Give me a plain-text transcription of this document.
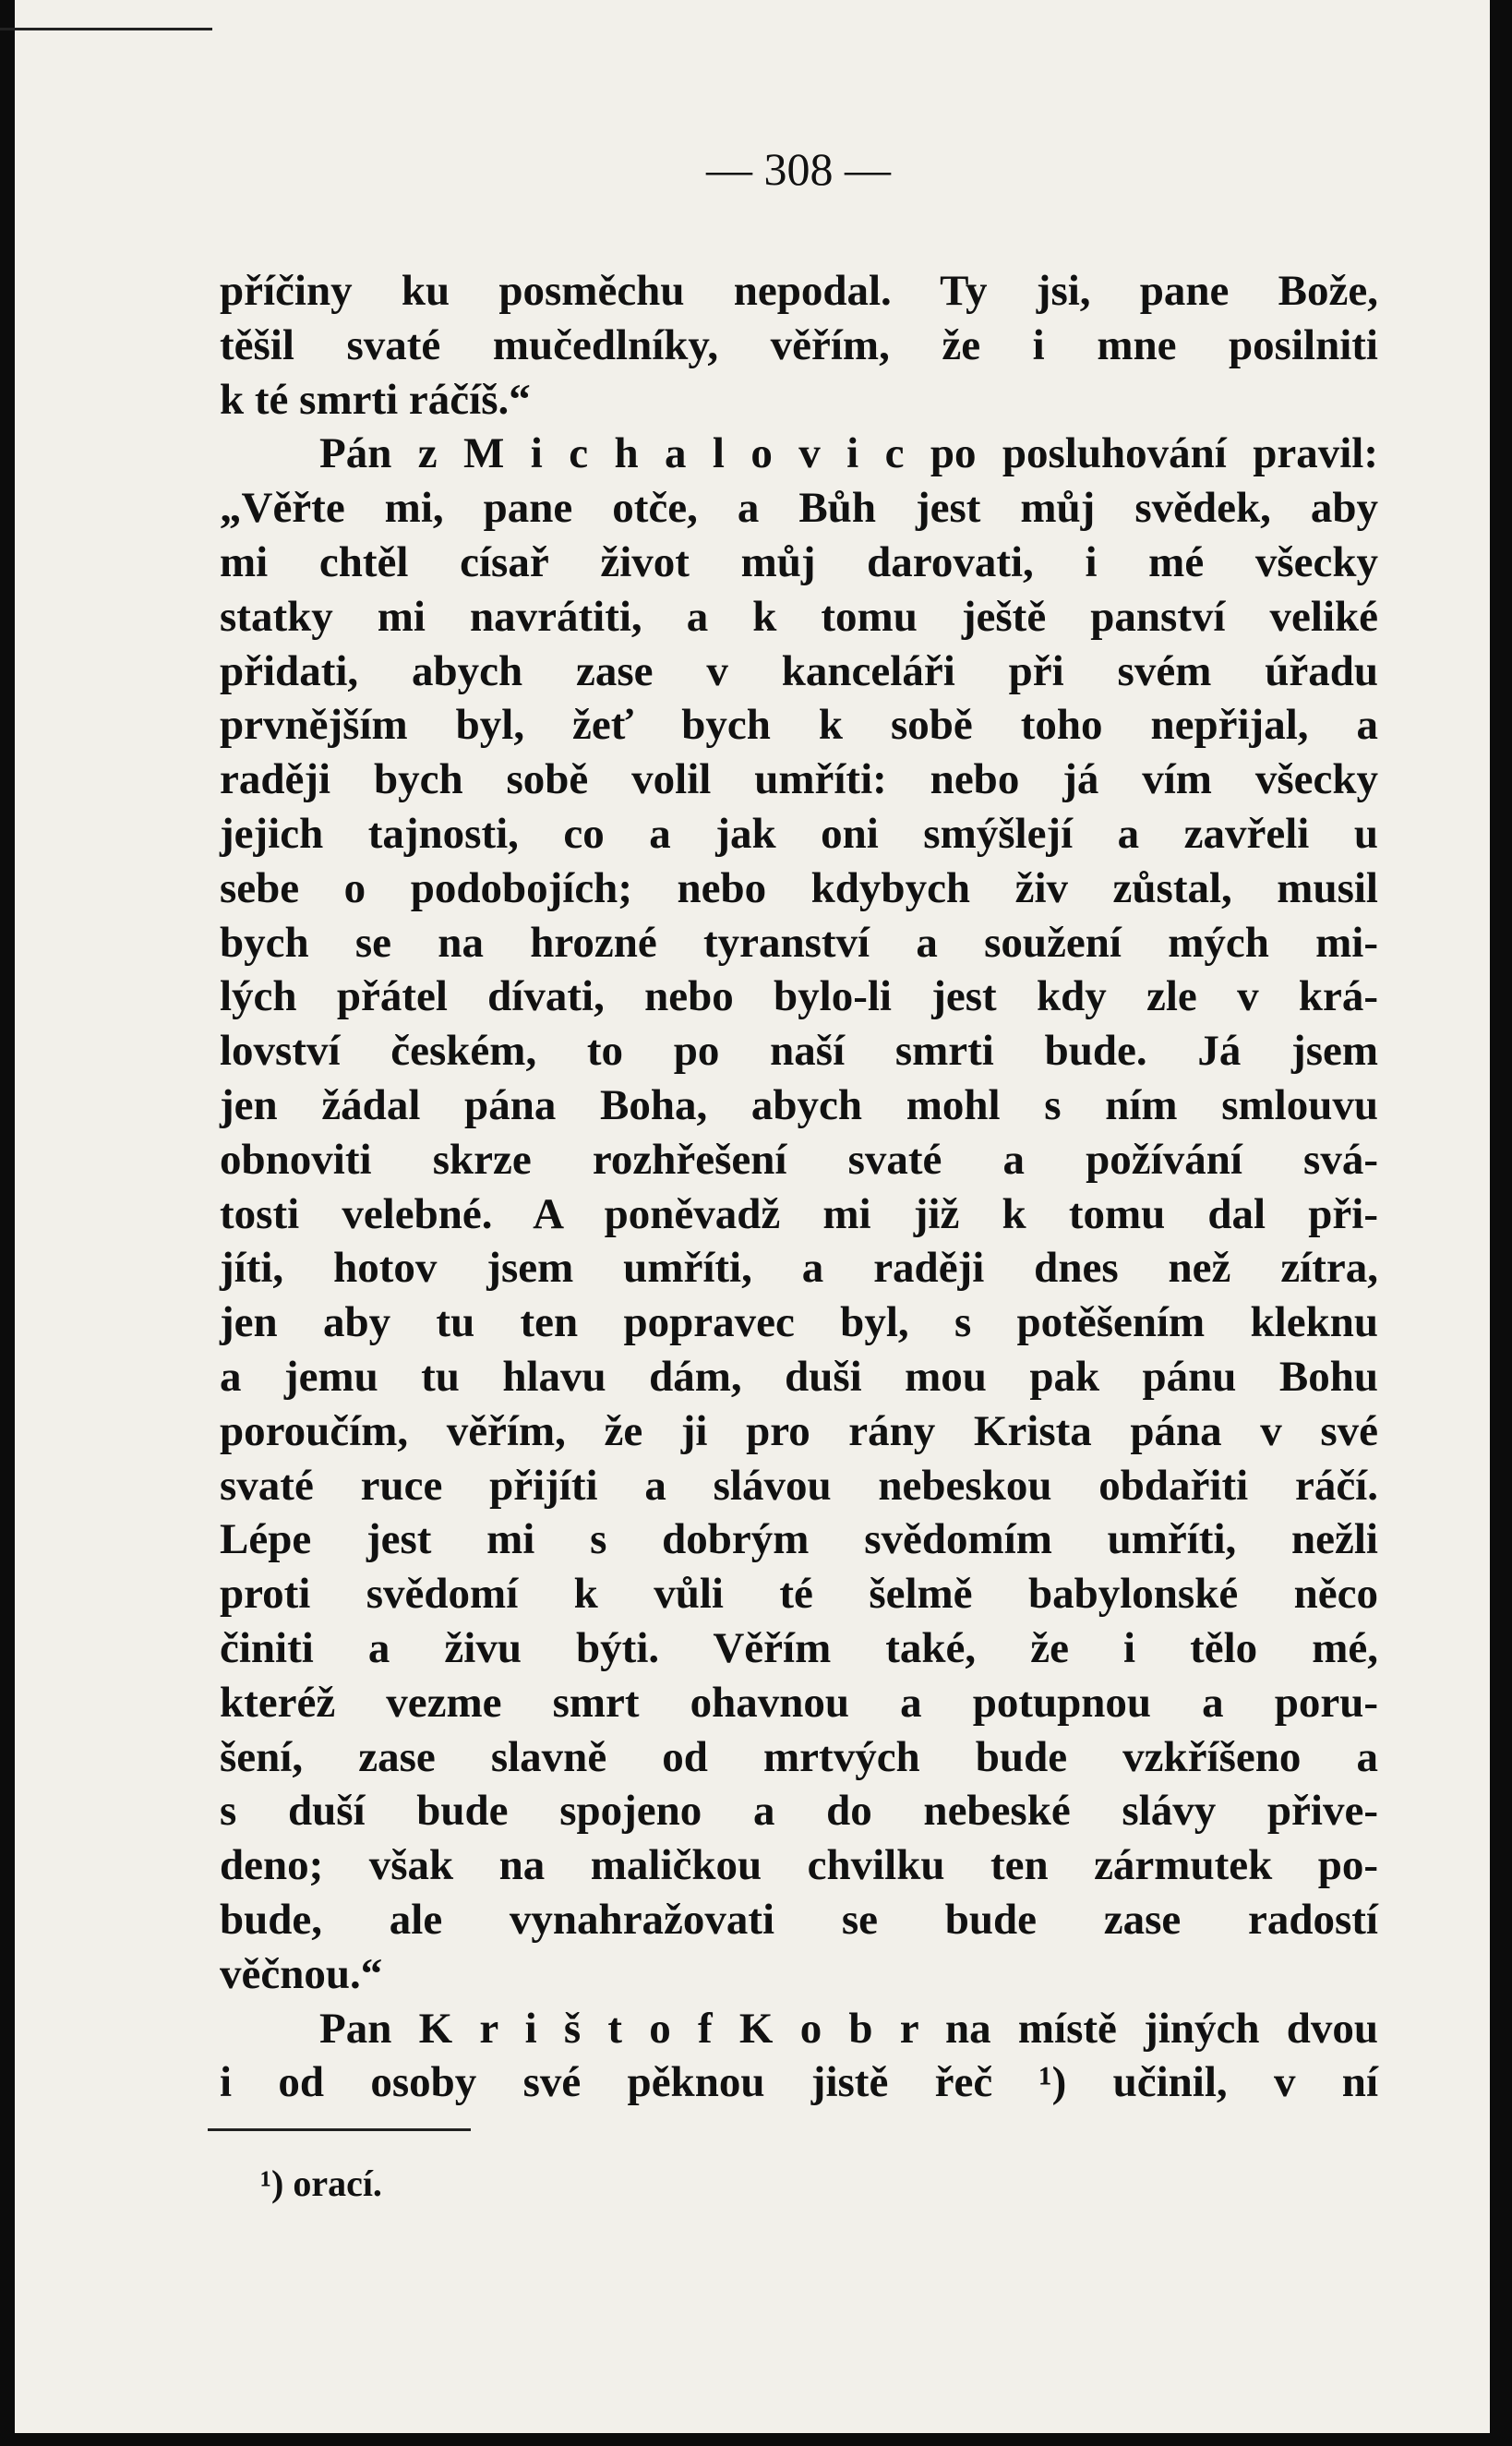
— 308 —
příčiny ku posměchu nepodal. Ty jsi, pane Bože,
těšil svaté mučedlníky, věřím, že i mne posilniti
k té smrti ráčíš.“
Pán z M i c h a l o v i c po posluhování pravil:
„Věřte mi, pane otče, a Bůh jest můj svědek, aby
mi chtěl císař život můj darovati, i mé všecky
statky mi navrátiti, a k tomu ještě panství veliké
přidati, abych zase v kanceláři při svém úřadu
prvnějším byl, žeť bych k sobě toho nepřijal, a
raději bych sobě volil umříti: nebo já vím všecky
jejich tajnosti, co a jak oni smýšlejí a zavřeli u
sebe o podobojích; nebo kdybych živ zůstal, musil
bych se na hrozné tyranství a soužení mých mi-
lých přátel dívati, nebo bylo-li jest kdy zle v krá-
lovství českém, to po naší smrti bude. Já jsem
jen žádal pána Boha, abych mohl s ním smlouvu
obnoviti skrze rozhřešení svaté a požívání svá-
tosti velebné. A poněvadž mi již k tomu dal při-
jíti, hotov jsem umříti, a raději dnes než zítra,
jen aby tu ten popravec byl, s potěšením kleknu
a jemu tu hlavu dám, duši mou pak pánu Bohu
poroučím, věřím, že ji pro rány Krista pána v své
svaté ruce přijíti a slávou nebeskou obdařiti ráčí.
Lépe jest mi s dobrým svědomím umříti, nežli
proti svědomí k vůli té šelmě babylonské něco
činiti a živu býti. Věřím také, že i tělo mé,
kteréž vezme smrt ohavnou a potupnou a poru-
šení, zase slavně od mrtvých bude vzkříšeno a
s duší bude spojeno a do nebeské slávy přive-
deno; však na maličkou chvilku ten zármutek po-
bude, ale vynahražovati se bude zase radostí
věčnou.“
Pan K r i š t o f K o b r na místě jiných dvou
i od osoby své pěknou jistě řeč ¹) učinil, v ní
¹) orací.
